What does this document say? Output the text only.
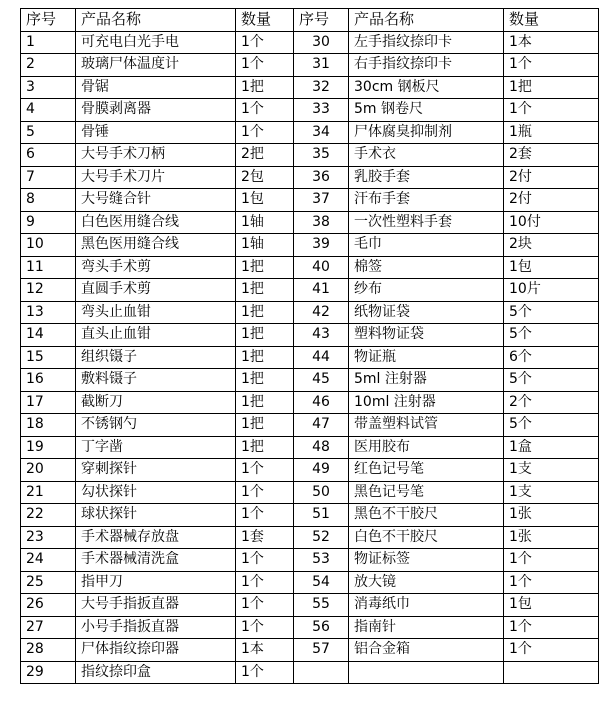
序号	产品名称	数量	序号	产品名称	数量
1	可充电白光手电	1个	30	左手指纹捺印卡	1本
2	玻璃尸体温度计	1个	31	右手指纹捺印卡	1个
3	骨锯	1把	32	30cm 钢板尺	1把
4	骨膜剥离器	1个	33	5m 钢卷尺	1个
5	骨锤	1个	34	尸体腐臭抑制剂	1瓶
6	大号手术刀柄	2把	35	手术衣	2套
7	大号手术刀片	2包	36	乳胶手套	2付
8	大号缝合针	1包	37	汗布手套	2付
9	白色医用缝合线	1轴	38	一次性塑料手套	10付
10	黑色医用缝合线	1轴	39	毛巾	2块
11	弯头手术剪	1把	40	棉签	1包
12	直圆手术剪	1把	41	纱布	10片
13	弯头止血钳	1把	42	纸物证袋	5个
14	直头止血钳	1把	43	塑料物证袋	5个
15	组织镊子	1把	44	物证瓶	6个
16	敷料镊子	1把	45	5ml 注射器	5个
17	截断刀	1把	46	10ml 注射器	2个
18	不锈钢勺	1把	47	带盖塑料试管	5个
19	丁字凿	1把	48	医用胶布	1盒
20	穿刺探针	1个	49	红色记号笔	1支
21	勾状探针	1个	50	黑色记号笔	1支
22	球状探针	1个	51	黑色不干胶尺	1张
23	手术器械存放盘	1套	52	白色不干胶尺	1张
24	手术器械清洗盒	1个	53	物证标签	1个
25	指甲刀	1个	54	放大镜	1个
26	大号手指扳直器	1个	55	消毒纸巾	1包
27	小号手指扳直器	1个	56	指南针	1个
28	尸体指纹捺印器	1本	57	铝合金箱	1个
29	指纹捺印盒	1个			
